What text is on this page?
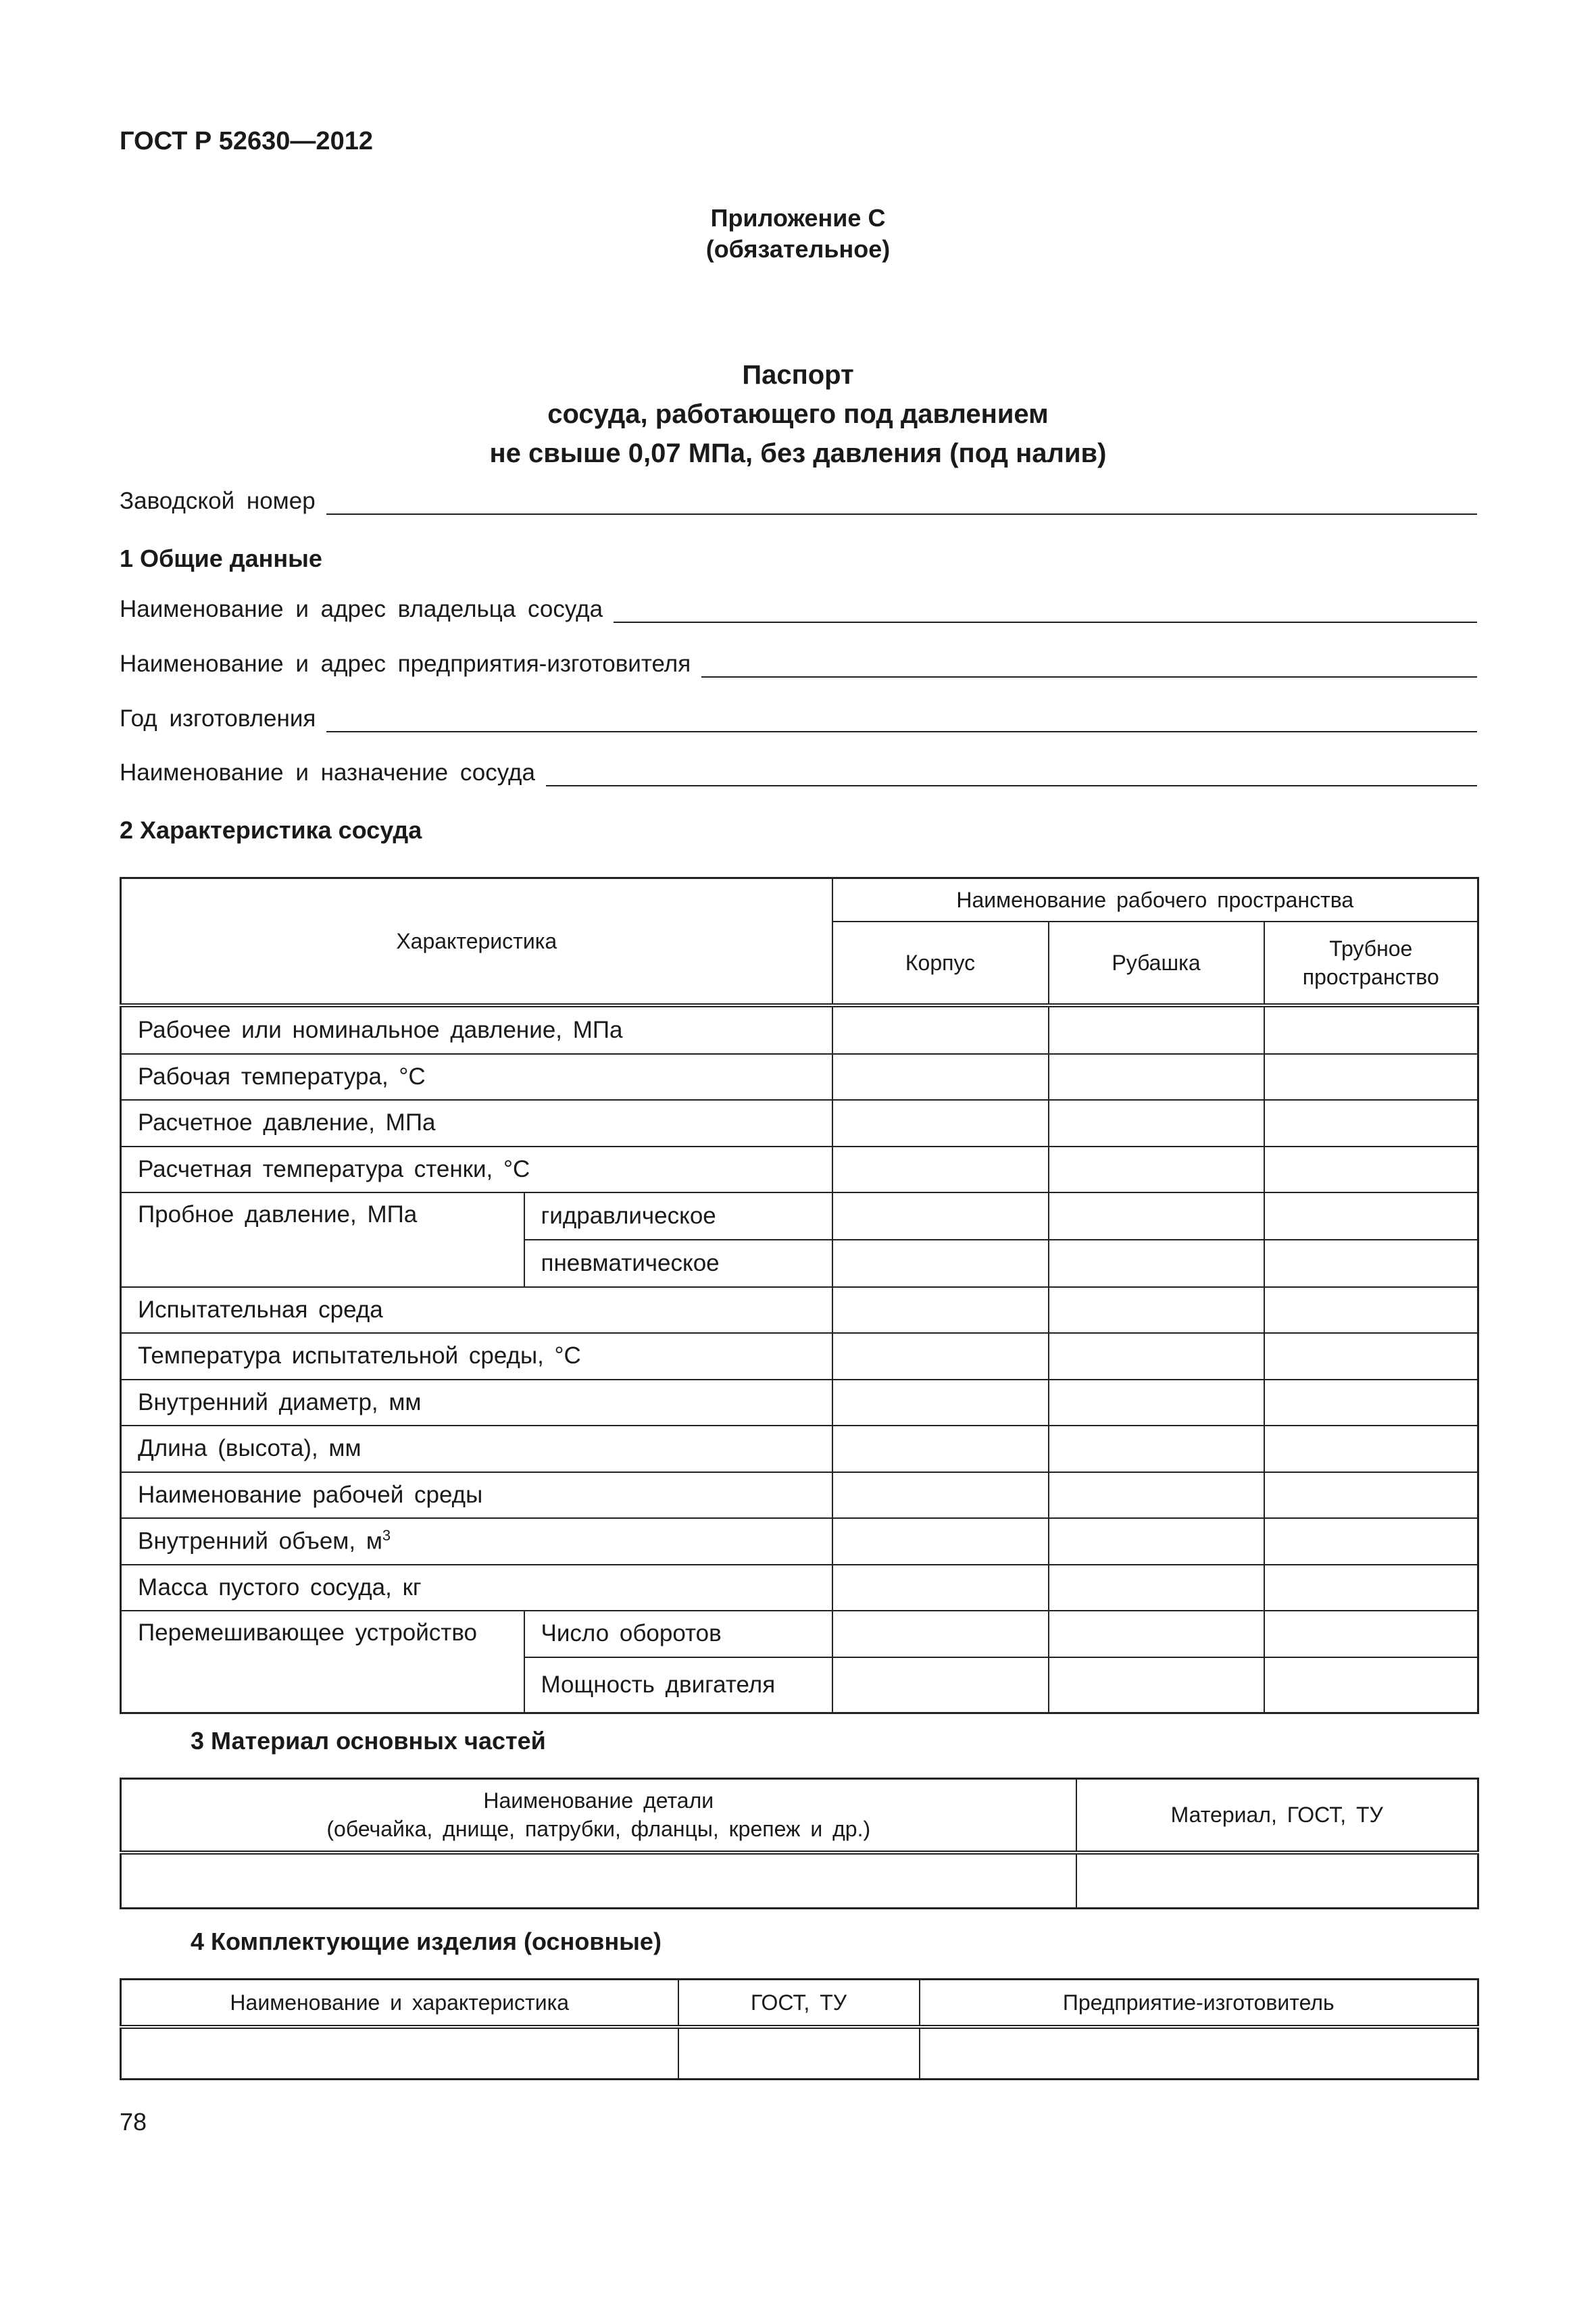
ГОСТ Р 52630—2012
Приложение С
(обязательное)
Паспорт
сосуда, работающего под давлением
не свыше 0,07 МПа, без давления (под налив)
Заводской номер
1 Общие данные
Наименование и адрес владельца сосуда
Наименование и адрес предприятия-изготовителя
Год изготовления
Наименование и назначение сосуда
2 Характеристика сосуда
Характеристика		Наименование рабочего пространства		
		Корпус	Рубашка	Трубное
пространство

Рабочее или номинальное давление, МПа				
Рабочая температура, °С				
Расчетное давление, МПа				
Расчетная температура стенки, °С				
Пробное давление, МПа	гидравлическое			
	пневматическое			
Испытательная среда				
Температура испытательной среды, °С				
Внутренний диаметр, мм				
Длина (высота), мм				
Наименование рабочей среды				
Внутренний объем, $м^3$			
Масса пустого сосуда, кг				
Перемешивающее устройство	Число оборотов			
	Мощность двигателя			
3 Материал основных частей
Наименование детали
(обечайка, днище, патрубки, фланцы, крепеж и др.)	Материал, ГОСТ, ТУ

4 Комплектующие изделия (основные)
Наименование и характеристика	ГОСТ, ТУ	Предприятие-изготовитель

78
